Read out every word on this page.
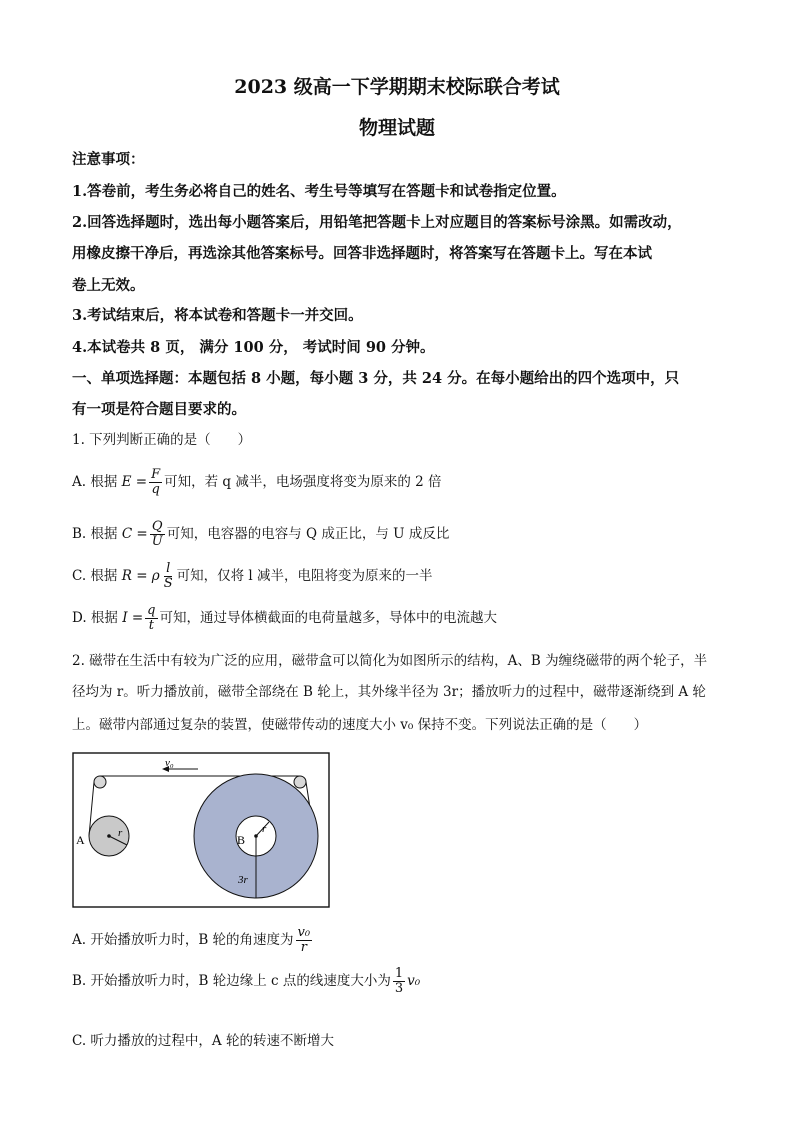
2023 级高一下学期期末校际联合考试
物理试题
注意事项：
1.答卷前，考生务必将自己的姓名、考生号等填写在答题卡和试卷指定位置。
2.回答选择题时，选出每小题答案后，用铅笔把答题卡上对应题目的答案标号涂黑。如需改动，
用橡皮擦干净后，再选涂其他答案标号。回答非选择题时，将答案写在答题卡上。写在本试
卷上无效。
3.考试结束后，将本试卷和答题卡一并交回。
4.本试卷共 8 页， 满分 100 分， 考试时间 90 分钟。
一、单项选择题：本题包括 8 小题，每小题 3 分，共 24 分。在每小题给出的四个选项中，只
有一项是符合题目要求的。
1. 下列判断正确的是（　　）
A. 根据 $E = \frac{F}{q}$ 可知，若 q 减半，电场强度将变为原来的 2 倍
B. 根据 $C = \frac{Q}{U}$ 可知，电容器的电容与 Q 成正比，与 U 成反比
C. 根据 R = ρ $\frac{l}{S}$ 可知，仅将 l 减半，电阻将变为原来的一半
D. 根据 $I = \frac{q}{t}$ 可知，通过导体横截面的电荷量越多，导体中的电流越大
2. 磁带在生活中有较为广泛的应用，磁带盒可以简化为如图所示的结构，A、B 为缠绕磁带的两个轮子，半
径均为 r。听力播放前，磁带全部绕在 B 轮上，其外缘半径为 3r；播放听力的过程中，磁带逐渐绕到 A 轮
上。磁带内部通过复杂的装置，使磁带传动的速度大小 v₀ 保持不变。下列说法正确的是（　　）
v₀
A	r	B
r
3r
A. 开始播放听力时，B 轮的角速度为 $\frac{\text{v₀}}{r}$
B. 开始播放听力时，B 轮边缘上 c 点的线速度大小为 $\frac{1}{3} v_0$
C. 听力播放的过程中，A 轮的转速不断增大
